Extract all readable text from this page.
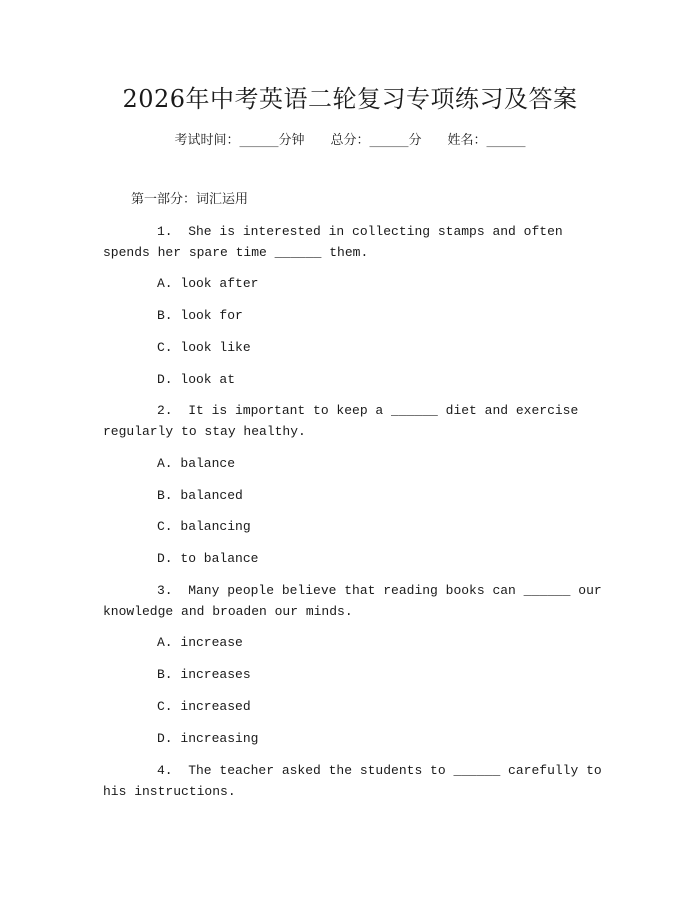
2026年中考英语二轮复习专项练习及答案
考试时间：______分钟 总分：______分 姓名：______
第一部分：词汇运用
1.  She is interested in collecting stamps and often spends her spare time ______ them.
A. look after
B. look for
C. look like
D. look at
2.  It is important to keep a ______ diet and exercise regularly to stay healthy.
A. balance
B. balanced
C. balancing
D. to balance
3.  Many people believe that reading books can ______ our knowledge and broaden our minds.
A. increase
B. increases
C. increased
D. increasing
4.  The teacher asked the students to ______ carefully to his instructions.
